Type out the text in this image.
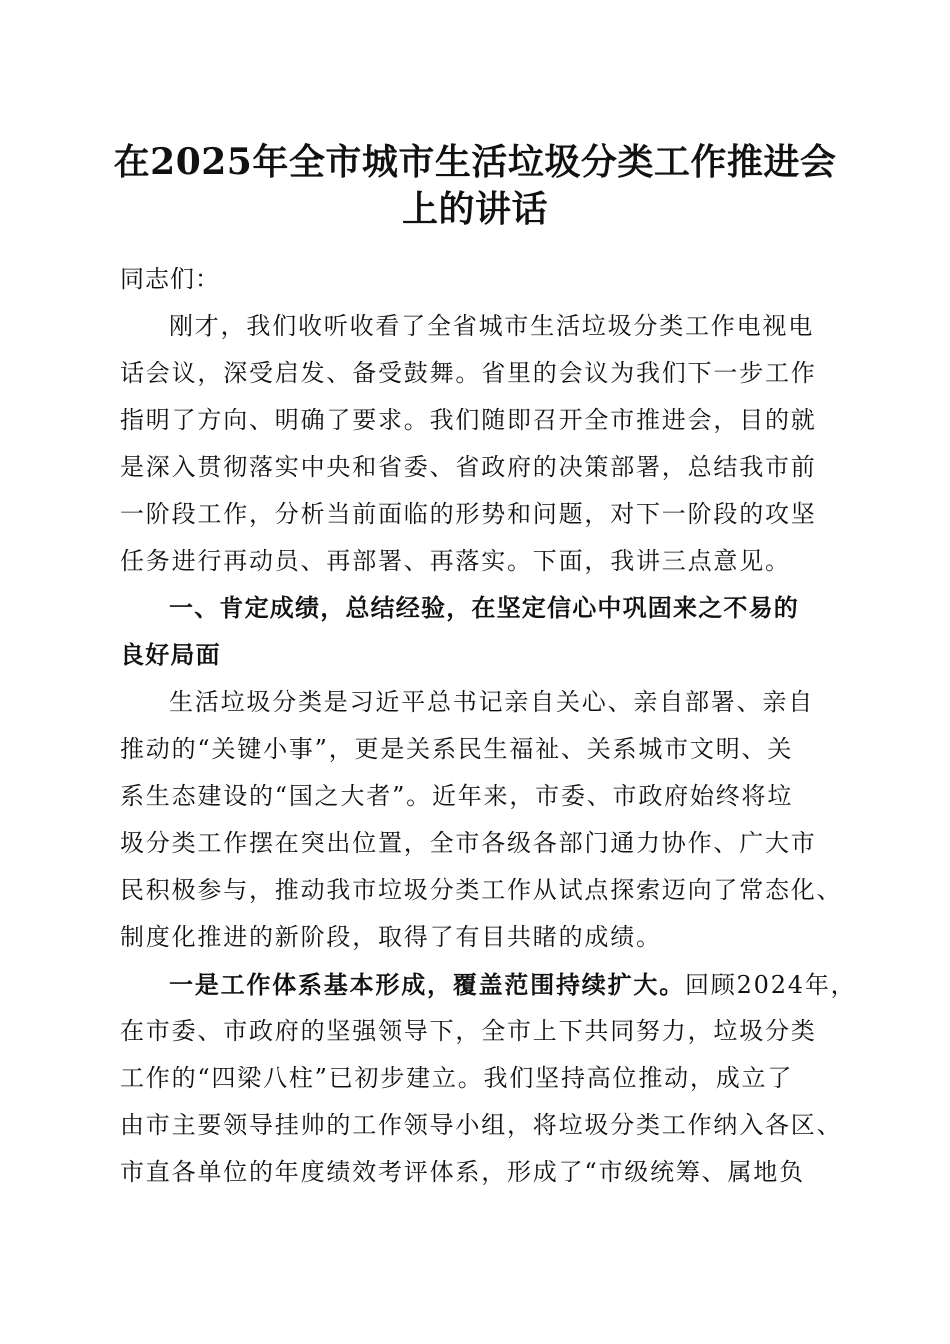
在2025年全市城市生活垃圾分类工作推进会
上的讲话
同志们：
刚才，我们收听收看了全省城市生活垃圾分类工作电视电
话会议，深受启发、备受鼓舞。省里的会议为我们下一步工作
指明了方向、明确了要求。我们随即召开全市推进会，目的就
是深入贯彻落实中央和省委、省政府的决策部署，总结我市前
一阶段工作，分析当前面临的形势和问题，对下一阶段的攻坚
任务进行再动员、再部署、再落实。下面，我讲三点意见。
一、肯定成绩，总结经验，在坚定信心中巩固来之不易的
良好局面
生活垃圾分类是习近平总书记亲自关心、亲自部署、亲自
推动的“关键小事”，更是关系民生福祉、关系城市文明、关
系生态建设的“国之大者”。近年来，市委、市政府始终将垃
圾分类工作摆在突出位置，全市各级各部门通力协作、广大市
民积极参与，推动我市垃圾分类工作从试点探索迈向了常态化、
制度化推进的新阶段，取得了有目共睹的成绩。
一是工作体系基本形成，覆盖范围持续扩大。回顾2024年，
在市委、市政府的坚强领导下，全市上下共同努力，垃圾分类
工作的“四梁八柱”已初步建立。我们坚持高位推动，成立了
由市主要领导挂帅的工作领导小组，将垃圾分类工作纳入各区、
市直各单位的年度绩效考评体系，形成了“市级统筹、属地负
